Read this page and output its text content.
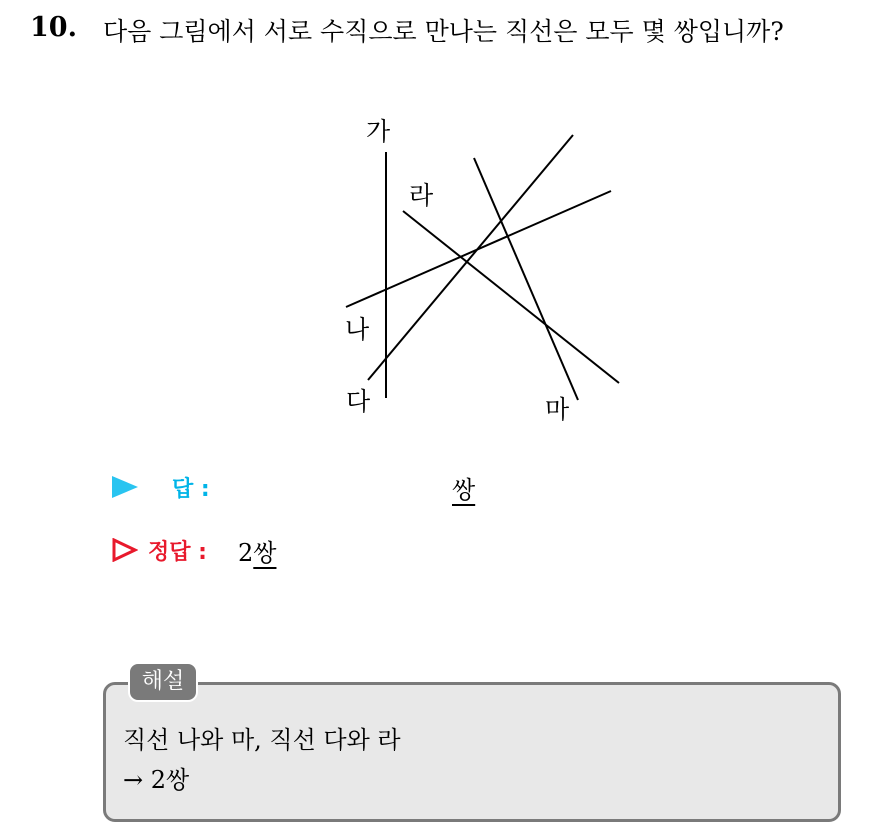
10. 다음 그림에서 서로 수직으로 만나는 직선은 모두 몇 쌍입니까?
가
라
나
다	마
답 :	쌍
정답 : 2쌍
해설
직선 나와 마, 직선 다와 라
→ 2쌍
